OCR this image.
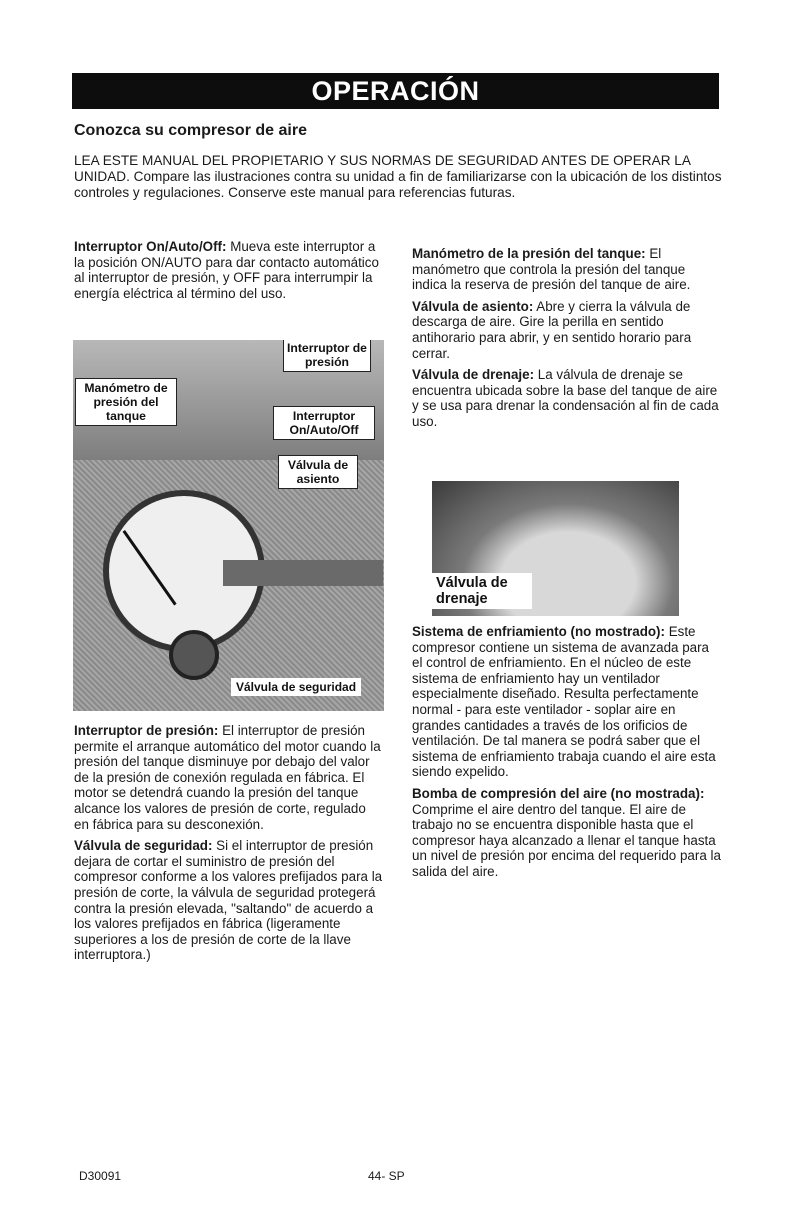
OPERACIÓN
Conozca su compresor de aire

LEA ESTE MANUAL DEL PROPIETARIO Y SUS NORMAS DE SEGURIDAD ANTES DE OPERAR LA UNIDAD. Compare las ilustraciones contra su unidad a fin de familiarizarse con la ubicación de los distintos controles y regulaciones. Conserve este manual para referencias futuras.

Interruptor On/Auto/Off: Mueva este interruptor a la posición ON/AUTO para dar contacto automático al interruptor de presión, y OFF para interrumpir la energía eléctrica al término del uso.

Interruptor de presión
Manómetro de presión del tanque	Interruptor On/Auto/Off
Válvula de asiento
Válvula de seguridad

Interruptor de presión: El interruptor de presión permite el arranque automático del motor cuando la presión del tanque disminuye por debajo del valor de la presión de conexión regulada en fábrica. El motor se detendrá cuando la presión del tanque alcance los valores de presión de corte, regulado en fábrica para su desconexión.

Válvula de seguridad: Si el interruptor de presión dejara de cortar el suministro de presión del compresor conforme a los valores prefijados para la presión de corte, la válvula de seguridad protegerá contra la presión elevada, "saltando" de acuerdo a los valores prefijados en fábrica (ligeramente superiores a los de presión de corte de la llave interruptora.)

Manómetro de la presión del tanque: El manómetro que controla la presión del tanque indica la reserva de presión del tanque de aire.

Válvula de asiento: Abre y cierra la válvula de descarga de aire. Gire la perilla en sentido antihorario para abrir, y en sentido horario para cerrar.

Válvula de drenaje: La válvula de drenaje se encuentra ubicada sobre la base del tanque de aire y se usa para drenar la condensación al fin de cada uso.

Válvula de drenaje

Sistema de enfriamiento (no mostrado): Este compresor contiene un sistema de avanzada para el control de enfriamiento. En el núcleo de este sistema de enfriamiento hay un ventilador especialmente diseñado. Resulta perfectamente normal - para este ventilador - soplar aire en grandes cantidades a través de los orificios de ventilación. De tal manera se podrá saber que el sistema de enfriamiento trabaja cuando el aire esta siendo expelido.

Bomba de compresión del aire (no mostrada): Comprime el aire dentro del tanque. El aire de trabajo no se encuentra disponible hasta que el compresor haya alcanzado a llenar el tanque hasta un nivel de presión por encima del requerido para la salida del aire.

D30091	44- SP
